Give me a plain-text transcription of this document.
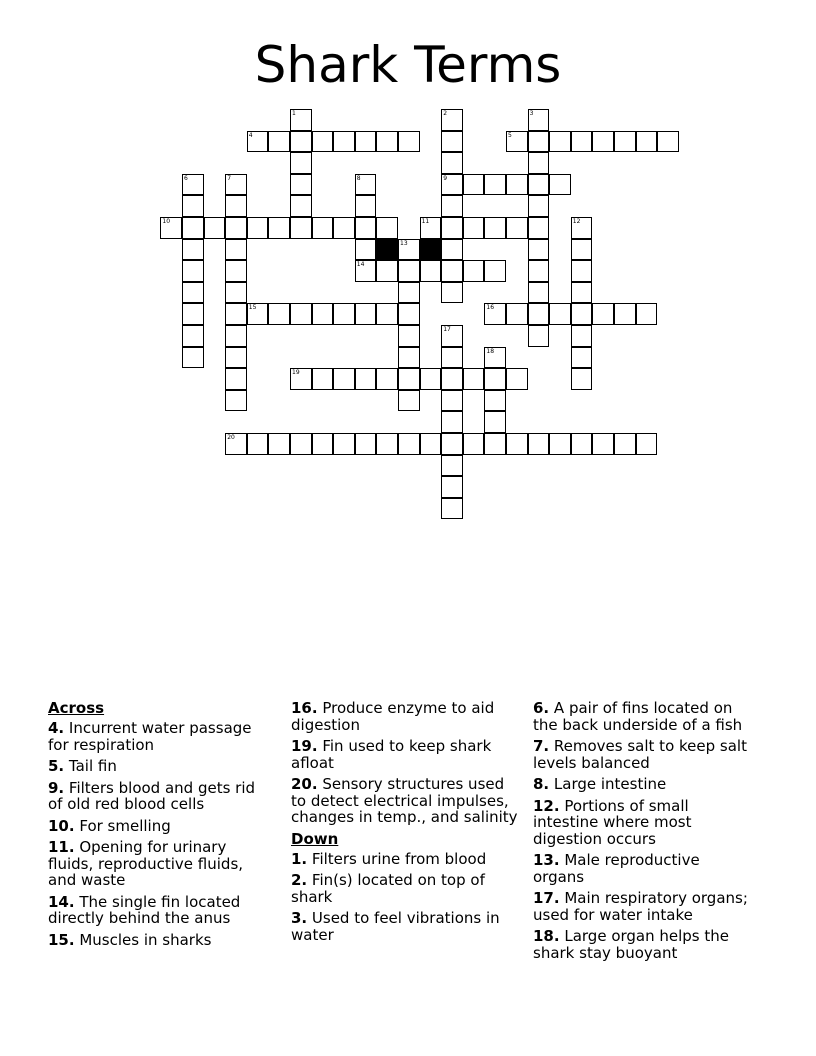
Shark Terms
1	2	3
4	5
6	7	8	9
10	11	12
13
14
15	16
17
18
19
20
Across
4. Incurrent water passage for respiration
5. Tail fin
9. Filters blood and gets rid of old red blood cells
10. For smelling
11. Opening for urinary fluids, reproductive fluids, and waste
14. The single fin located directly behind the anus
15. Muscles in sharks
16. Produce enzyme to aid digestion
19. Fin used to keep shark afloat
20. Sensory structures used to detect electrical impulses, changes in temp., and salinity
Down
1. Filters urine from blood
2. Fin(s) located on top of shark
3. Used to feel vibrations in water
6. A pair of fins located on the back underside of a fish
7. Removes salt to keep salt levels balanced
8. Large intestine
12. Portions of small intestine where most digestion occurs
13. Male reproductive organs
17. Main respiratory organs; used for water intake
18. Large organ helps the shark stay buoyant
